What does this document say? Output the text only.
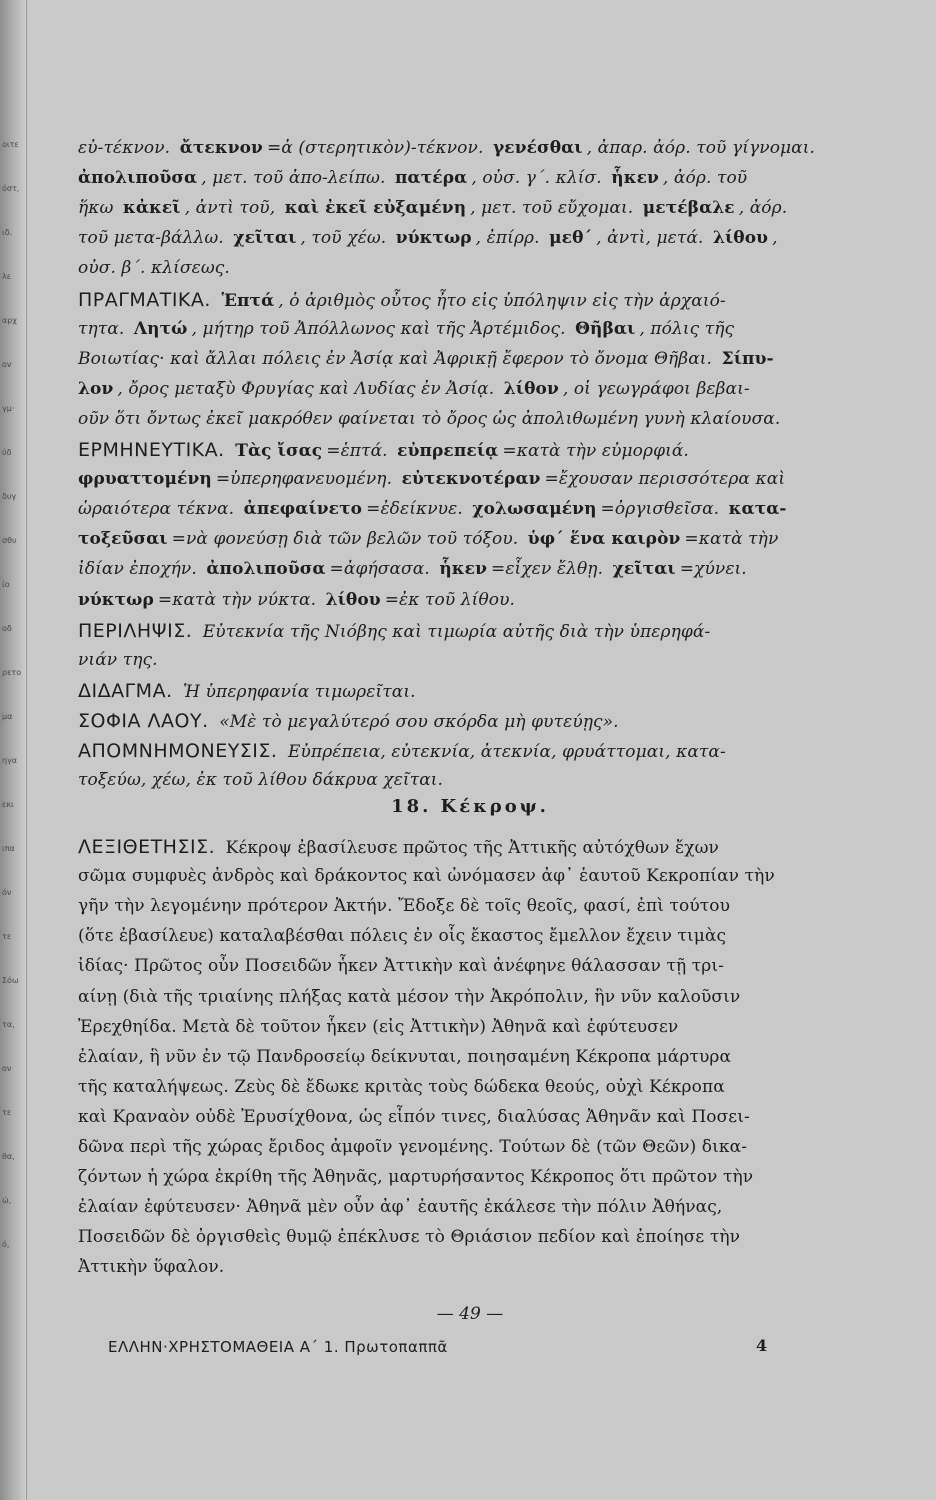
οιτε
όστ,
ιδ.
λε
αρχ
ov
γμ·
ύδ
δυγ
σθυ
ίο
οδ
ρετο
μα
ηγα
εκι
ιπα
όν
τε
Σόω
τα,
ον
τε
θα,
ώ,
ό,
εὐ-τέκνον. ἄτεκνον =ἀ (στερητικὸν)-τέκνον. γενέσθαι , ἀπαρ. ἀόρ. τοῦ γίγνομαι.
ἀπολιποῦσα , μετ. τοῦ ἀπο-λείπω. πατέρα , οὐσ. γ΄. κλίσ. ἧκεν , ἀόρ. τοῦ
ἥκω κἀκεῖ , ἀντὶ τοῦ, καὶ ἐκεῖ εὐξαμένη , μετ. τοῦ εὔχομαι. μετέβαλε , ἀόρ.
τοῦ μετα-βάλλω. χεῖται , τοῦ χέω. νύκτωρ , ἐπίρρ. μεθ΄ , ἀντὶ, μετά. λίθου ,
οὐσ. β΄. κλίσεως.
ΠΡΑΓΜΑΤΙΚΑ. Ἑπτά , ὁ ἀριθμὸς οὗτος ἦτο εἰς ὑπόληψιν εἰς τὴν ἀρχαιό-
τητα. Λητώ , μήτηρ τοῦ Ἀπόλλωνος καὶ τῆς Ἀρτέμιδος. Θῆβαι , πόλις τῆς
Βοιωτίας· καὶ ἄλλαι πόλεις ἐν Ἀσίᾳ καὶ Ἀφρικῇ ἔφερον τὸ ὄνομα Θῆβαι. Σίπυ-
λον , ὄρος μεταξὺ Φρυγίας καὶ Λυδίας ἐν Ἀσίᾳ. λίθον , οἱ γεωγράφοι βεβαι-
οῦν ὅτι ὄντως ἐκεῖ μακρόθεν φαίνεται τὸ ὄρος ὡς ἀπολιθωμένη γυνὴ κλαίουσα.
ΕΡΜΗΝΕΥΤΙΚΑ. Τὰς ἴσας =ἑπτά. εὐπρεπείᾳ =κατὰ τὴν εὐμορφιά.
φρυαττομένη =ὑπερηφανευομένη. εὐτεκνοτέραν =ἔχουσαν περισσότερα καὶ
ὡραιότερα τέκνα. ἀπεφαίνετο =ἐδείκνυε. χολωσαμένη =ὀργισθεῖσα. κατα-
τοξεῦσαι =νὰ φονεύσῃ διὰ τῶν βελῶν τοῦ τόξου. ὑφ΄ ἕνα καιρὸν =κατὰ τὴν
ἰδίαν ἐποχήν. ἀπολιποῦσα =ἀφήσασα. ἧκεν =εἶχεν ἔλθῃ. χεῖται =χύνει.
νύκτωρ =κατὰ τὴν νύκτα. λίθου =ἐκ τοῦ λίθου.
ΠΕΡΙΛΗΨΙΣ. Εὐτεκνία τῆς Νιόβης καὶ τιμωρία αὐτῆς διὰ τὴν ὑπερηφά-
νιάν της.
ΔΙΔΑΓΜΑ. Ἡ ὑπερηφανία τιμωρεῖται.
ΣΟΦΙΑ ΛΑΟΥ. «Μὲ τὸ μεγαλύτερό σου σκόρδα μὴ φυτεύῃς».
ΑΠΟΜΝΗΜΟΝΕΥΣΙΣ. Εὐπρέπεια, εὐτεκνία, ἀτεκνία, φρυάττομαι, κατα-
τοξεύω, χέω, ἐκ τοῦ λίθου δάκρυα χεῖται.
18. Κέκροψ.
ΛΕΞΙΘΕΤΗΣΙΣ. Κέκροψ ἐβασίλευσε πρῶτος τῆς Ἀττικῆς αὐτόχθων ἔχων
σῶμα συμφυὲς ἀνδρὸς καὶ δράκοντος καὶ ὠνόμασεν ἀφ᾽ ἑαυτοῦ Κεκροπίαν τὴν
γῆν τὴν λεγομένην πρότερον Ἀκτήν. Ἔδοξε δὲ τοῖς θεοῖς, φασί, ἐπὶ τούτου
(ὅτε ἐβασίλευε) καταλαβέσθαι πόλεις ἐν οἷς ἔκαστος ἔμελλον ἔχειν τιμὰς
ἰδίας· Πρῶτος οὖν Ποσειδῶν ἧκεν Ἀττικὴν καὶ ἀνέφηνε θάλασσαν τῇ τρι-
αίνῃ (διὰ τῆς τριαίνης πλήξας κατὰ μέσον τὴν Ἀκρόπολιν, ἣν νῦν καλοῦσιν
Ἐρεχθηίδα. Μετὰ δὲ τοῦτον ἧκεν (εἰς Ἀττικὴν) Ἀθηνᾶ καὶ ἐφύτευσεν
ἐλαίαν, ἣ νῦν ἐν τῷ Πανδροσείῳ δείκνυται, ποιησαμένη Κέκροπα μάρτυρα
τῆς καταλήψεως. Ζεὺς δὲ ἔδωκε κριτὰς τοὺς δώδεκα θεούς, οὐχὶ Κέκροπα
καὶ Κραναὸν οὐδὲ Ἐρυσίχθονα, ὡς εἶπόν τινες, διαλύσας Ἀθηνᾶν καὶ Ποσει-
δῶνα περὶ τῆς χώρας ἔριδος ἀμφοῖν γενομένης. Τούτων δὲ (τῶν Θεῶν) δικα-
ζόντων ἡ χώρα ἐκρίθη τῆς Ἀθηνᾶς, μαρτυρήσαντος Κέκροπος ὅτι πρῶτον τὴν
ἐλαίαν ἐφύτευσεν· Ἀθηνᾶ μὲν οὖν ἀφ᾽ ἑαυτῆς ἐκάλεσε τὴν πόλιν Ἀθήνας,
Ποσειδῶν δὲ ὀργισθεὶς θυμῷ ἐπέκλυσε τὸ Θριάσιον πεδίον καὶ ἐποίησε τὴν
Ἀττικὴν ὕφαλον.
— 49 —
ΕΛΛΗΝ·ΧΡΗΣΤΟΜΑΘΕΙΑ Α΄ 1. Πρωτοπαππᾶ	4
